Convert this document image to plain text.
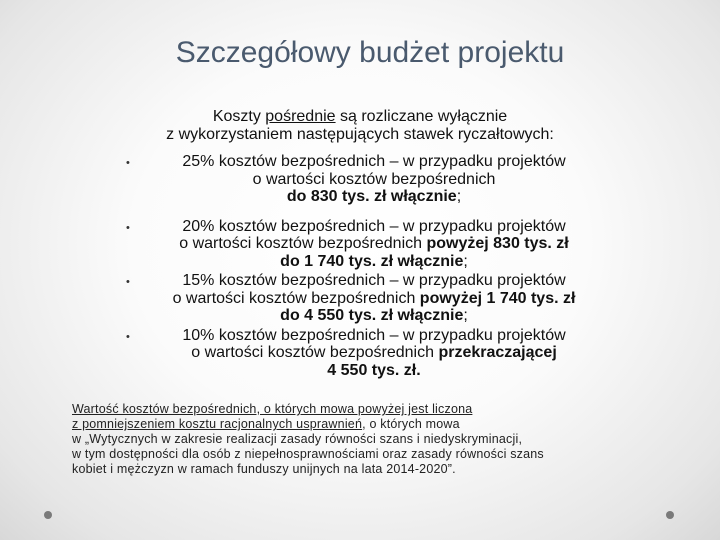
Szczegółowy budżet projektu
Koszty pośrednie są rozliczane wyłącznie
z wykorzystaniem następujących stawek ryczałtowych:
•	25% kosztów bezpośrednich – w przypadku projektów
o wartości kosztów bezpośrednich
do 830 tys. zł włącznie;
•	20% kosztów bezpośrednich – w przypadku projektów
o wartości kosztów bezpośrednich powyżej 830 tys. zł
do 1 740 tys. zł włącznie;
•	15% kosztów bezpośrednich – w przypadku projektów
o wartości kosztów bezpośrednich powyżej 1 740 tys. zł
do 4 550 tys. zł włącznie;
•	10% kosztów bezpośrednich – w przypadku projektów
o wartości kosztów bezpośrednich przekraczającej
4 550 tys. zł.
Wartość kosztów bezpośrednich, o których mowa powyżej jest liczona
z pomniejszeniem kosztu racjonalnych usprawnień, o których mowa
w „Wytycznych w zakresie realizacji zasady równości szans i niedyskryminacji,
w tym dostępności dla osób z niepełnosprawnościami oraz zasady równości szans
kobiet i mężczyzn w ramach funduszy unijnych na lata 2014-2020”.
